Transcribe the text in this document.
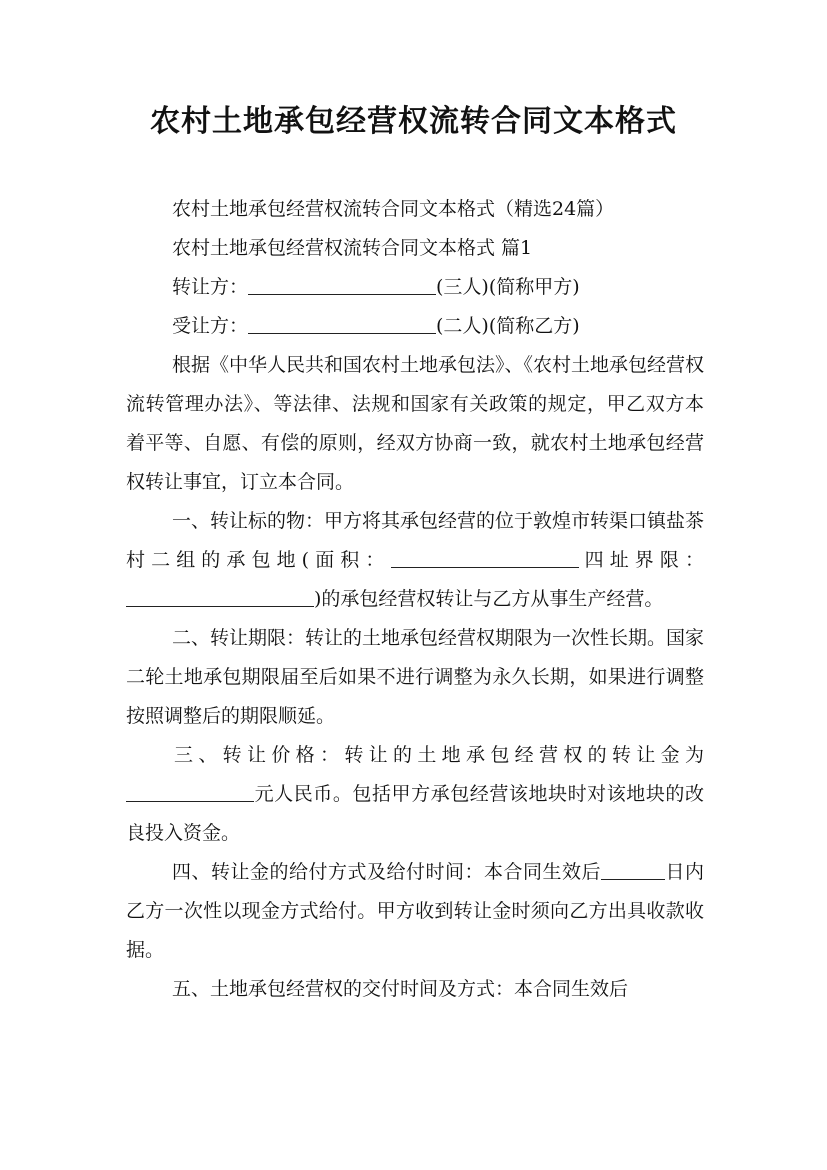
农村土地承包经营权流转合同文本格式

农村土地承包经营权流转合同文本格式（精选24篇）

农村土地承包经营权流转合同文本格式 篇1

转让方：	(三人)(简称甲方)

受让方：	(二人)(简称乙方)

根据《中华人民共和国农村土地承包法》、《农村土地承包经营权流转管理办法》、等法律、法规和国家有关政策的规定，甲乙双方本着平等、自愿、有偿的原则，经双方协商一致，就农村土地承包经营权转让事宜，订立本合同。

一、转让标的物：甲方将其承包经营的位于敦煌市转渠口镇盐茶村二组的承包地(面积：	四址界限：)的承包经营权转让与乙方从事生产经营。

二、转让期限：转让的土地承包经营权期限为一次性长期。国家二轮土地承包期限届至后如果不进行调整为永久长期，如果进行调整按照调整后的期限顺延。

三、转让价格：转让的土地承包经营权的转让金为元人民币。包括甲方承包经营该地块时对该地块的改良投入资金。

四、转让金的给付方式及给付时间：本合同生效后	日内乙方一次性以现金方式给付。甲方收到转让金时须向乙方出具收款收据。

五、土地承包经营权的交付时间及方式：本合同生效后
